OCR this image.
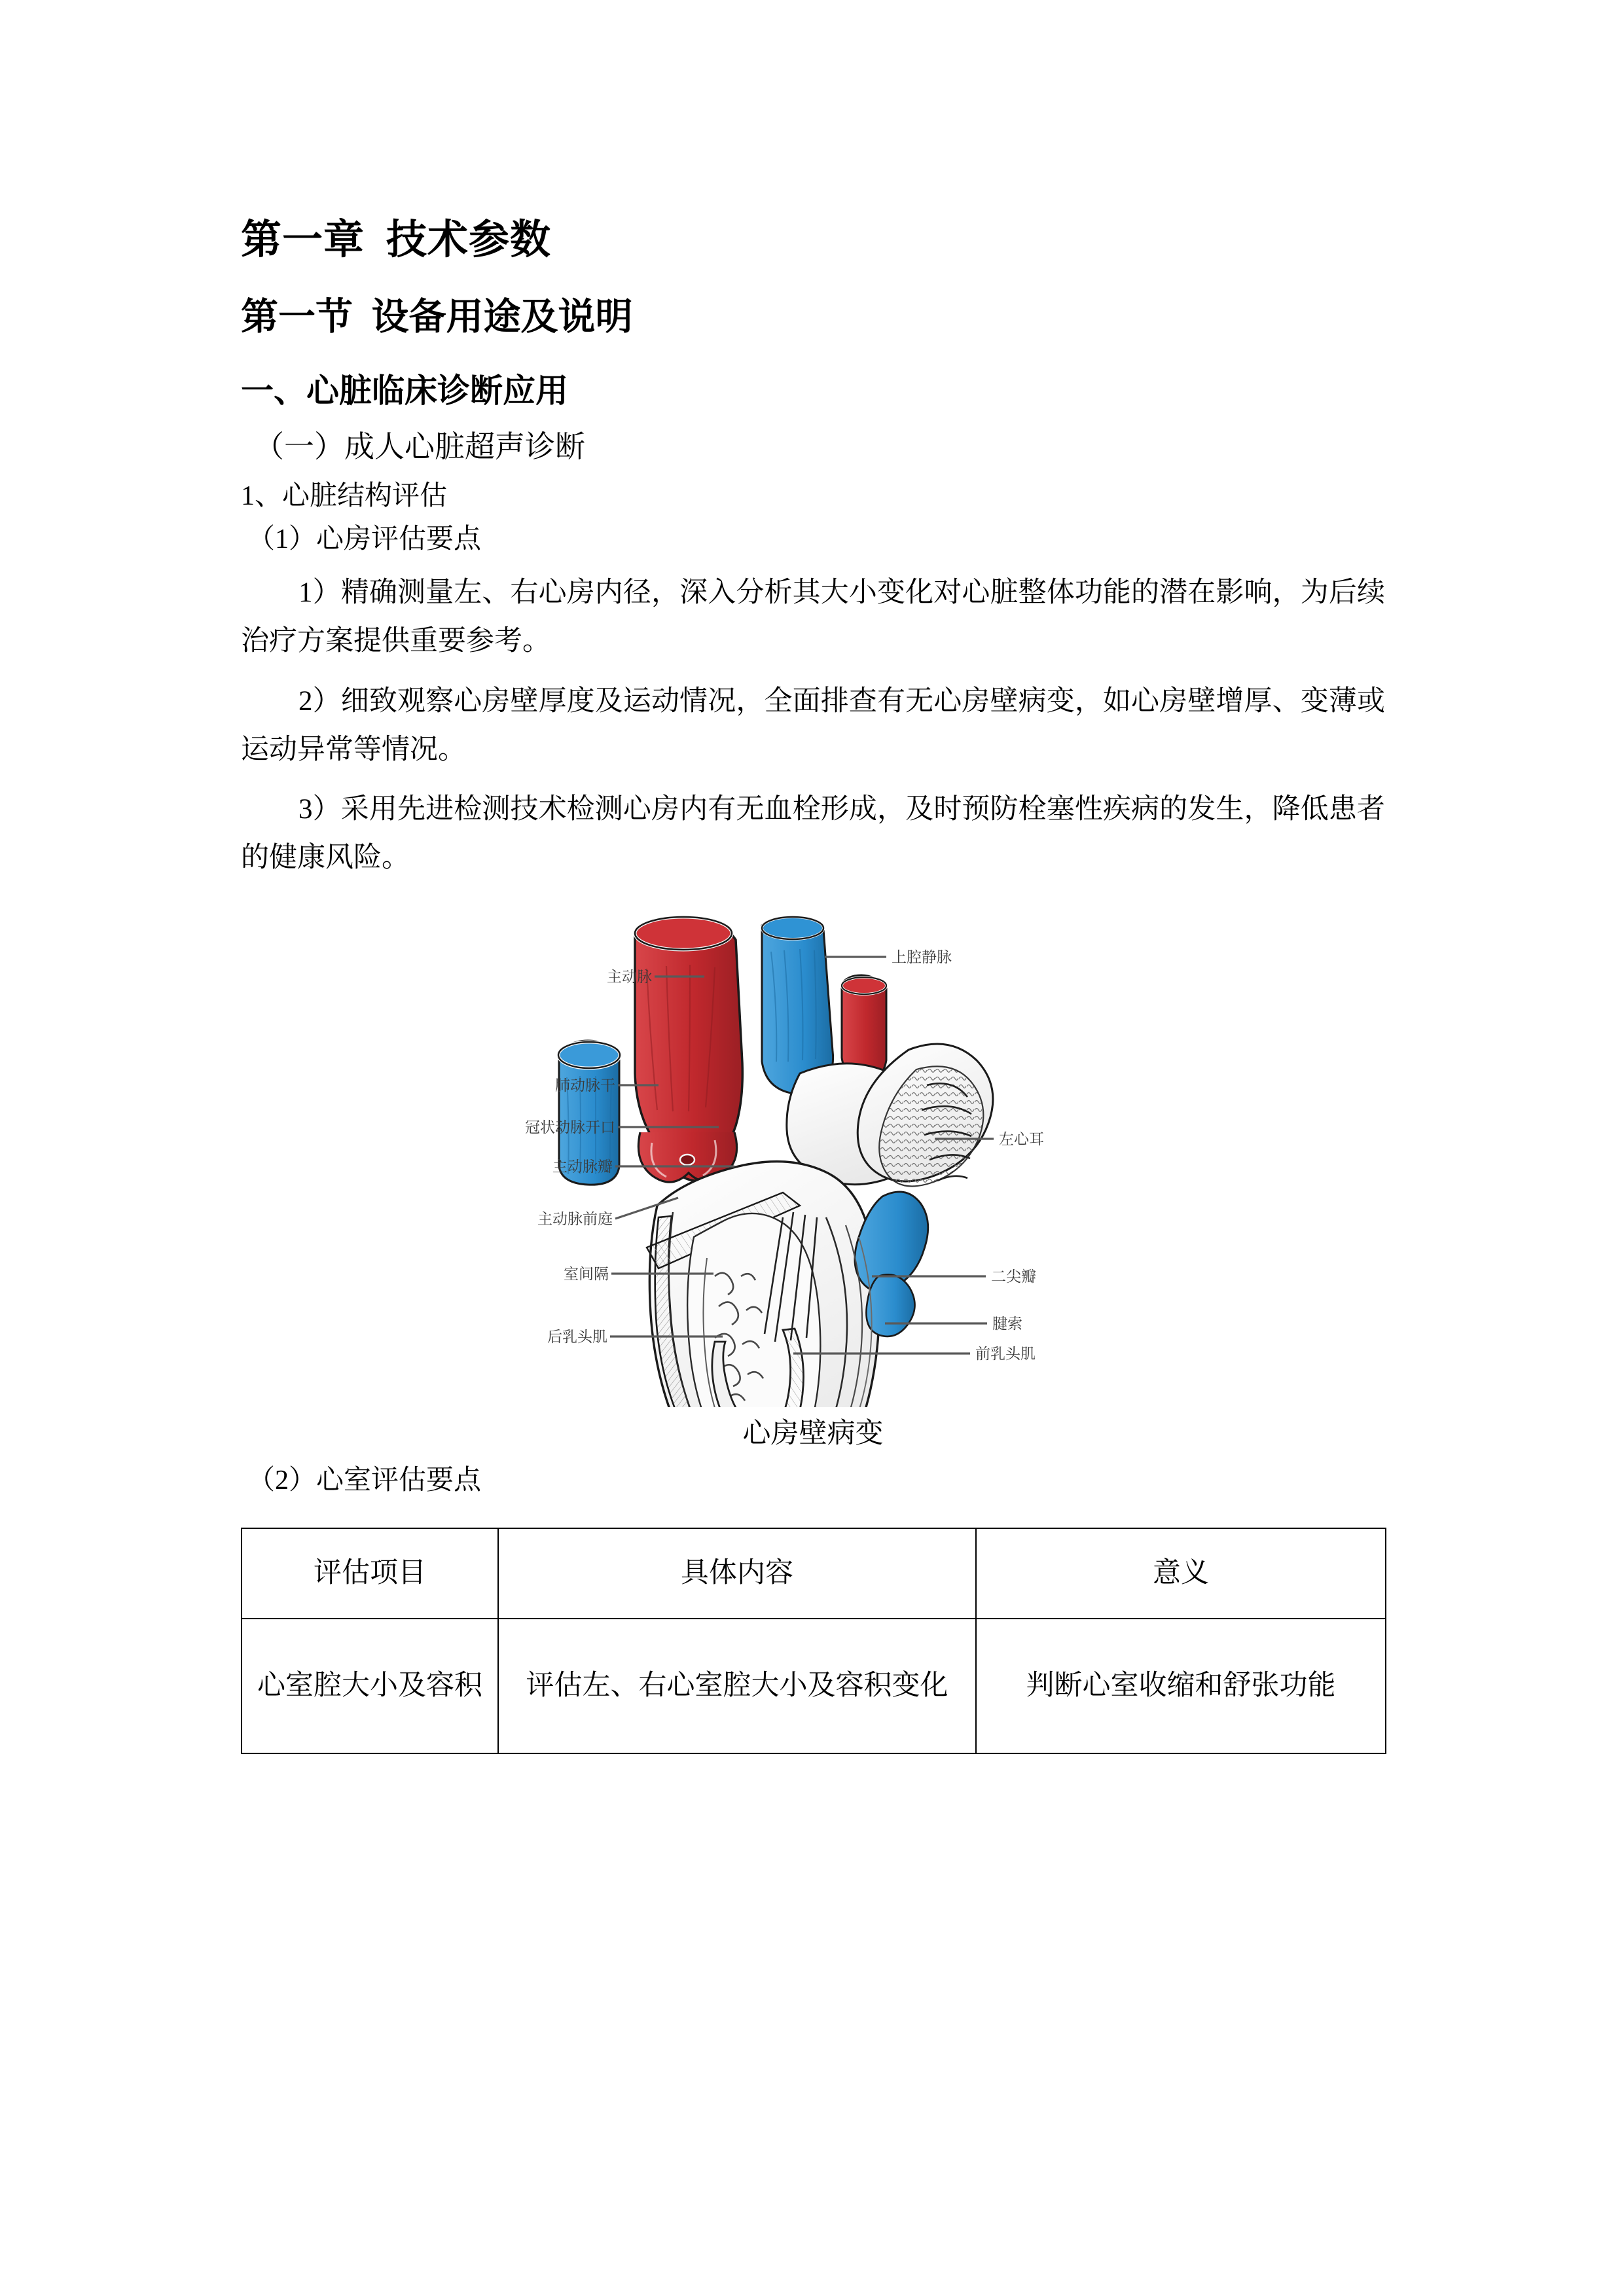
第一章  技术参数
第一节  设备用途及说明
一、心脏临床诊断应用
（一）成人心脏超声诊断
1、心脏结构评估
（1）心房评估要点

1）精确测量左、右心房内径，深入分析其大小变化对心脏整体功能的潜在影响，为后续治疗方案提供重要参考。

2）细致观察心房壁厚度及运动情况，全面排查有无心房壁病变，如心房壁增厚、变薄或运动异常等情况。

3）采用先进检测技术检测心房内有无血栓形成，及时预防栓塞性疾病的发生，降低患者的健康风险。

主动脉
肺动脉干
冠状动脉开口
主动脉瓣
主动脉前庭
室间隔
后乳头肌
上腔静脉
左心耳
二尖瓣
腱索
前乳头肌
心房壁病变
（2）心室评估要点
评估项目	具体内容	意义
心室腔大小及容积	评估左、右心室腔大小及容积变化	判断心室收缩和舒张功能
